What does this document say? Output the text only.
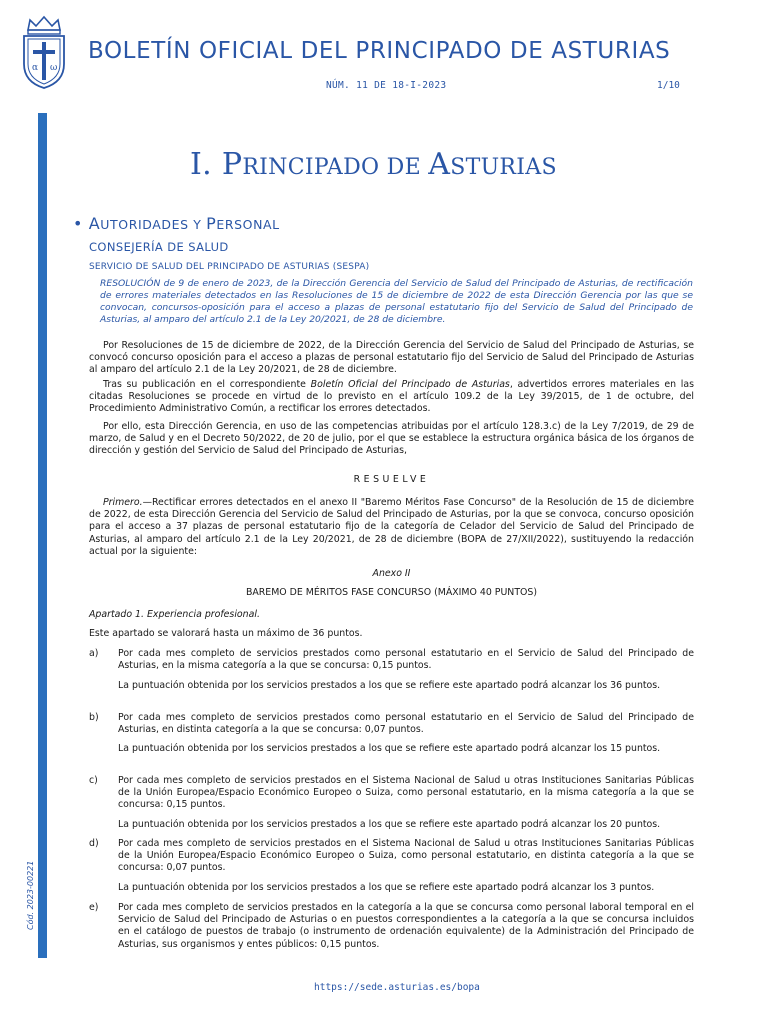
α ω
BOLETÍN OFICIAL DEL PRINCIPADO DE ASTURIAS
NÚM. 11 DE 18-I-2023	1/10
Cód. 2023-00221
I. PRINCIPADO DE ASTURIAS
• AUTORIDADES Y PERSONAL
CONSEJERÍA DE SALUD
SERVICIO DE SALUD DEL PRINCIPADO DE ASTURIAS (SESPA)
RESOLUCIÓN de 9 de enero de 2023, de la Dirección Gerencia del Servicio de Salud del Principado de Asturias, de rectificación de errores materiales detectados en las Resoluciones de 15 de diciembre de 2022 de esta Dirección Gerencia por las que se convocan, concursos-oposición para el acceso a plazas de personal estatutario fijo del Servicio de Salud del Principado de Asturias, al amparo del artículo 2.1 de la Ley 20/2021, de 28 de diciembre.
Por Resoluciones de 15 de diciembre de 2022, de la Dirección Gerencia del Servicio de Salud del Principado de Asturias, se convocó concurso oposición para el acceso a plazas de personal estatutario fijo del Servicio de Salud del Principado de Asturias al amparo del artículo 2.1 de la Ley 20/2021, de 28 de diciembre.
Tras su publicación en el correspondiente Boletín Oficial del Principado de Asturias, advertidos errores materiales en las citadas Resoluciones se procede en virtud de lo previsto en el artículo 109.2 de la Ley 39/2015, de 1 de octubre, del Procedimiento Administrativo Común, a rectificar los errores detectados.
Por ello, esta Dirección Gerencia, en uso de las competencias atribuidas por el artículo 128.3.c) de la Ley 7/2019, de 29 de marzo, de Salud y en el Decreto 50/2022, de 20 de julio, por el que se establece la estructura orgánica básica de los órganos de dirección y gestión del Servicio de Salud del Principado de Asturias,
RESUELVE
Primero.—Rectificar errores detectados en el anexo II "Baremo Méritos Fase Concurso" de la Resolución de 15 de diciembre de 2022, de esta Dirección Gerencia del Servicio de Salud del Principado de Asturias, por la que se convoca, concurso oposición para el acceso a 37 plazas de personal estatutario fijo de la categoría de Celador del Servicio de Salud del Principado de Asturias, al amparo del artículo 2.1 de la Ley 20/2021, de 28 de diciembre (BOPA de 27/XII/2022), sustituyendo la redacción actual por la siguiente:
Anexo II
BAREMO DE MÉRITOS FASE CONCURSO (MÁXIMO 40 PUNTOS)
Apartado 1. Experiencia profesional.
Este apartado se valorará hasta un máximo de 36 puntos.
a) Por cada mes completo de servicios prestados como personal estatutario en el Servicio de Salud del Principado de Asturias, en la misma categoría a la que se concursa: 0,15 puntos.
La puntuación obtenida por los servicios prestados a los que se refiere este apartado podrá alcanzar los 36 puntos.
b) Por cada mes completo de servicios prestados como personal estatutario en el Servicio de Salud del Principado de Asturias, en distinta categoría a la que se concursa: 0,07 puntos.
La puntuación obtenida por los servicios prestados a los que se refiere este apartado podrá alcanzar los 15 puntos.
c) Por cada mes completo de servicios prestados en el Sistema Nacional de Salud u otras Instituciones Sanitarias Públicas de la Unión Europea/Espacio Económico Europeo o Suiza, como personal estatutario, en la misma categoría a la que se concursa: 0,15 puntos.
La puntuación obtenida por los servicios prestados a los que se refiere este apartado podrá alcanzar los 20 puntos.
d) Por cada mes completo de servicios prestados en el Sistema Nacional de Salud u otras Instituciones Sanitarias Públicas de la Unión Europea/Espacio Económico Europeo o Suiza, como personal estatutario, en distinta categoría a la que se concursa: 0,07 puntos.
La puntuación obtenida por los servicios prestados a los que se refiere este apartado podrá alcanzar los 3 puntos.
e) Por cada mes completo de servicios prestados en la categoría a la que se concursa como personal laboral temporal en el Servicio de Salud del Principado de Asturias o en puestos correspondientes a la categoría a la que se concursa incluidos en el catálogo de puestos de trabajo (o instrumento de ordenación equivalente) de la Administración del Principado de Asturias, sus organismos y entes públicos: 0,15 puntos.
https://sede.asturias.es/bopa
